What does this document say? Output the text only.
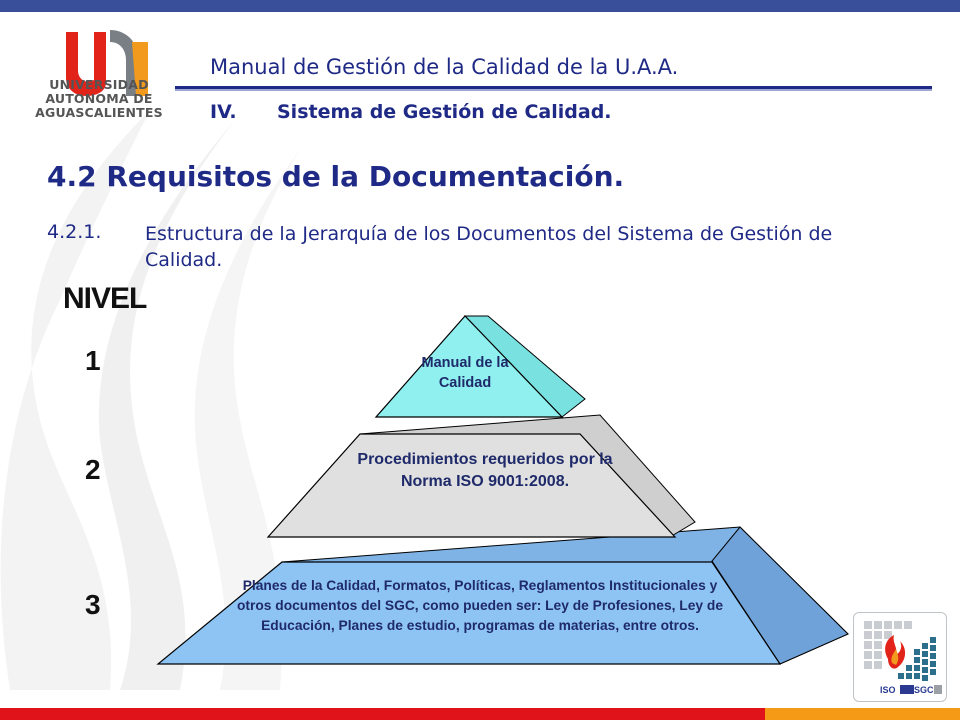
UNIVERSIDAD AUTONOMA DE AGUASCALIENTES
Manual de Gestión de la Calidad de la U.A.A.
IV. Sistema de Gestión de Calidad.
4.2 Requisitos de la Documentación.
4.2.1. Estructura de la Jerarquía de los Documentos del Sistema de Gestión de Calidad.
NIVEL
1
2
3
Manual de la Calidad
Procedimientos requeridos por la Norma ISO 9001:2008.
Planes de la Calidad, Formatos, Políticas, Reglamentos Institucionales y otros documentos del SGC, como pueden ser: Ley de Profesiones, Ley de Educación, Planes de estudio, programas de materias, entre otros.
ISO SGC
